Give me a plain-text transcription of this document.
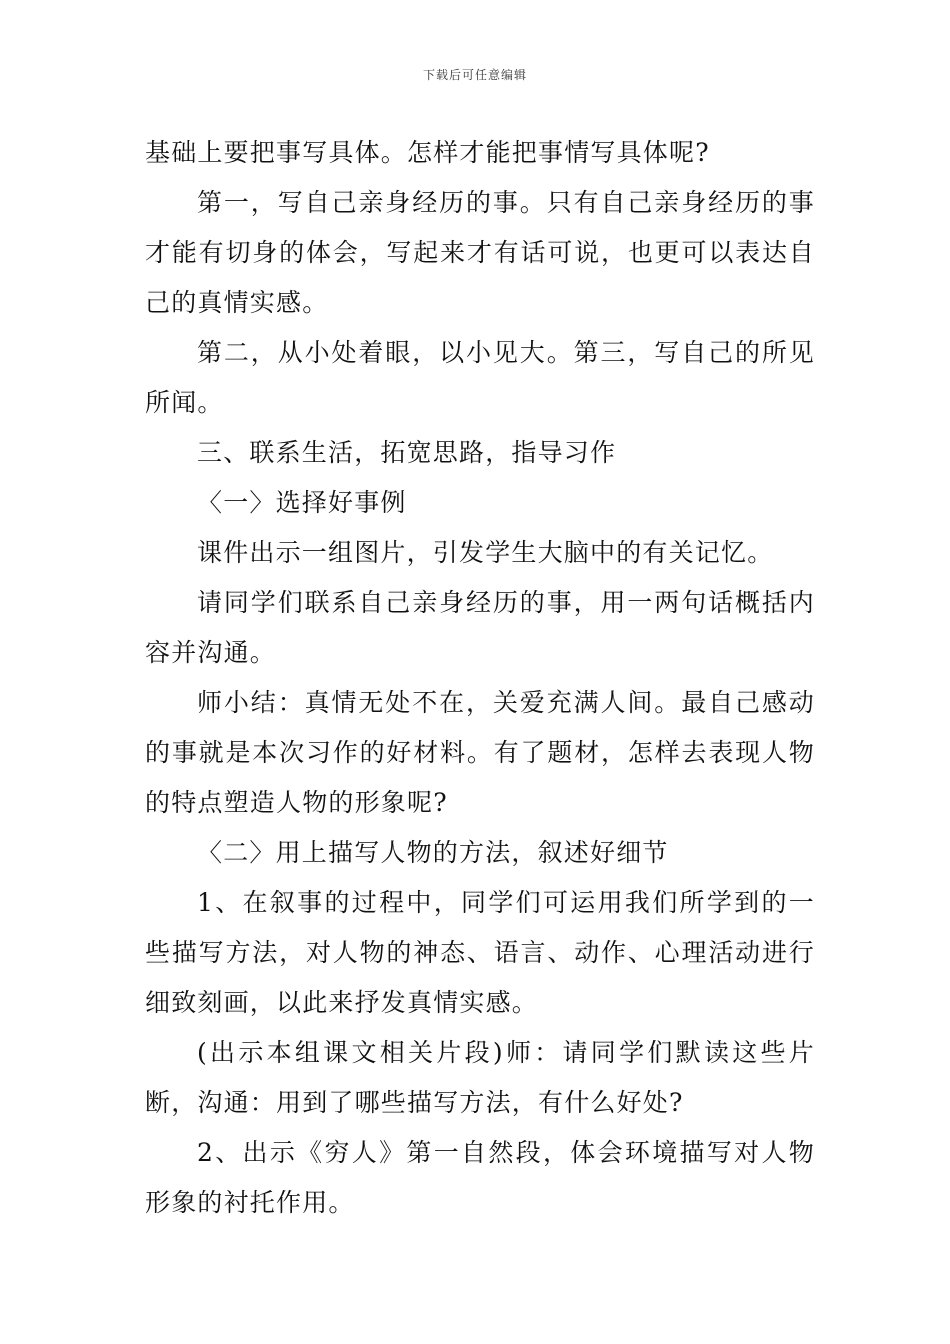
下载后可任意编辑

基础上要把事写具体。怎样才能把事情写具体呢?

第一，写自己亲身经历的事。只有自己亲身经历的事才能有切身的体会，写起来才有话可说，也更可以表达自己的真情实感。

第二，从小处着眼，以小见大。第三，写自己的所见所闻。

三、联系生活，拓宽思路，指导习作

〈一〉选择好事例

课件出示一组图片，引发学生大脑中的有关记忆。

请同学们联系自己亲身经历的事，用一两句话概括内容并沟通。

师小结：真情无处不在，关爱充满人间。最自己感动的事就是本次习作的好材料。有了题材，怎样去表现人物的特点塑造人物的形象呢?

〈二〉用上描写人物的方法，叙述好细节

1、在叙事的过程中，同学们可运用我们所学到的一些描写方法，对人物的神态、语言、动作、心理活动进行细致刻画，以此来抒发真情实感。

(出示本组课文相关片段)师：请同学们默读这些片断，沟通：用到了哪些描写方法，有什么好处?

2、出示《穷人》第一自然段，体会环境描写对人物形象的衬托作用。
